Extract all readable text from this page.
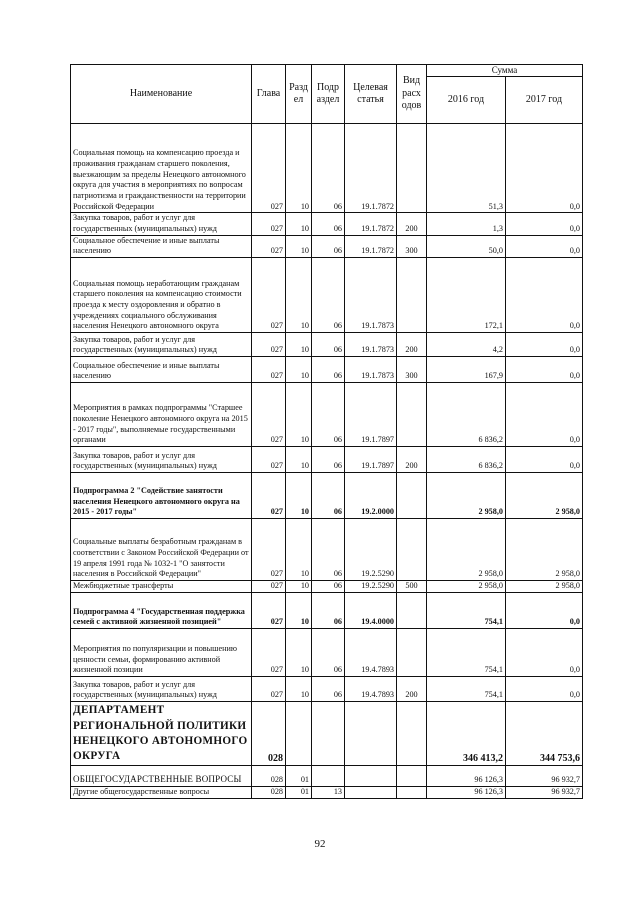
Наименование	Глава	Разд ел	Подр аздел	Целевая статья	Вид расх одов	Сумма	
						2016 год	2017 год
Социальная помощь на компенсацию проезда и проживания гражданам старшего поколения, выезжающим за пределы Ненецкого автономного округа для участия в мероприятиях по вопросам патриотизма и гражданственности на территории Российской Федерации	027	10	06	19.1.7872		51,3	0,0
Закупка товаров, работ и услуг для государственных (муниципальных) нужд	027	10	06	19.1.7872	200	1,3	0,0
Социальное обеспечение и иные выплаты населению	027	10	06	19.1.7872	300	50,0	0,0
Социальная помощь неработающим гражданам старшего поколения на компенсацию стоимости проезда к месту оздоровления и обратно в учреждениях социального обслуживания населения Ненецкого автономного округа	027	10	06	19.1.7873		172,1	0,0
Закупка товаров, работ и услуг для государственных (муниципальных) нужд	027	10	06	19.1.7873	200	4,2	0,0
Социальное обеспечение и иные выплаты населению	027	10	06	19.1.7873	300	167,9	0,0
Мероприятия в рамках подпрограммы "Старшее поколение Ненецкого автономного округа на 2015 - 2017 годы", выполняемые государственными органами	027	10	06	19.1.7897		6 836,2	0,0
Закупка товаров, работ и услуг для государственных (муниципальных) нужд	027	10	06	19.1.7897	200	6 836,2	0,0
Подпрограмма 2 "Содействие занятости населения Ненецкого автономного округа на 2015 - 2017 годы"	027	10	06	19.2.0000		2 958,0	2 958,0
Социальные выплаты безработным гражданам в соответствии с Законом Российской Федерации от 19 апреля 1991 года № 1032-1 "О занятости населения в Российской Федерации"	027	10	06	19.2.5290		2 958,0	2 958,0
Межбюджетные трансферты	027	10	06	19.2.5290	500	2 958,0	2 958,0
Подпрограмма 4 "Государственная поддержка семей с активной жизненной позицией"	027	10	06	19.4.0000		754,1	0,0
Мероприятия по популяризации и повышению ценности семьи, формированию активной жизненной позиции	027	10	06	19.4.7893		754,1	0,0
Закупка товаров, работ и услуг для государственных (муниципальных) нужд	027	10	06	19.4.7893	200	754,1	0,0
ДЕПАРТАМЕНТ РЕГИОНАЛЬНОЙ ПОЛИТИКИ НЕНЕЦКОГО АВТОНОМНОГО ОКРУГА	028					346 413,2	344 753,6
ОБЩЕГОСУДАРСТВЕННЫЕ ВОПРОСЫ	028	01				96 126,3	96 932,7
Другие общегосударственные вопросы	028	01	13			96 126,3	96 932,7
92
